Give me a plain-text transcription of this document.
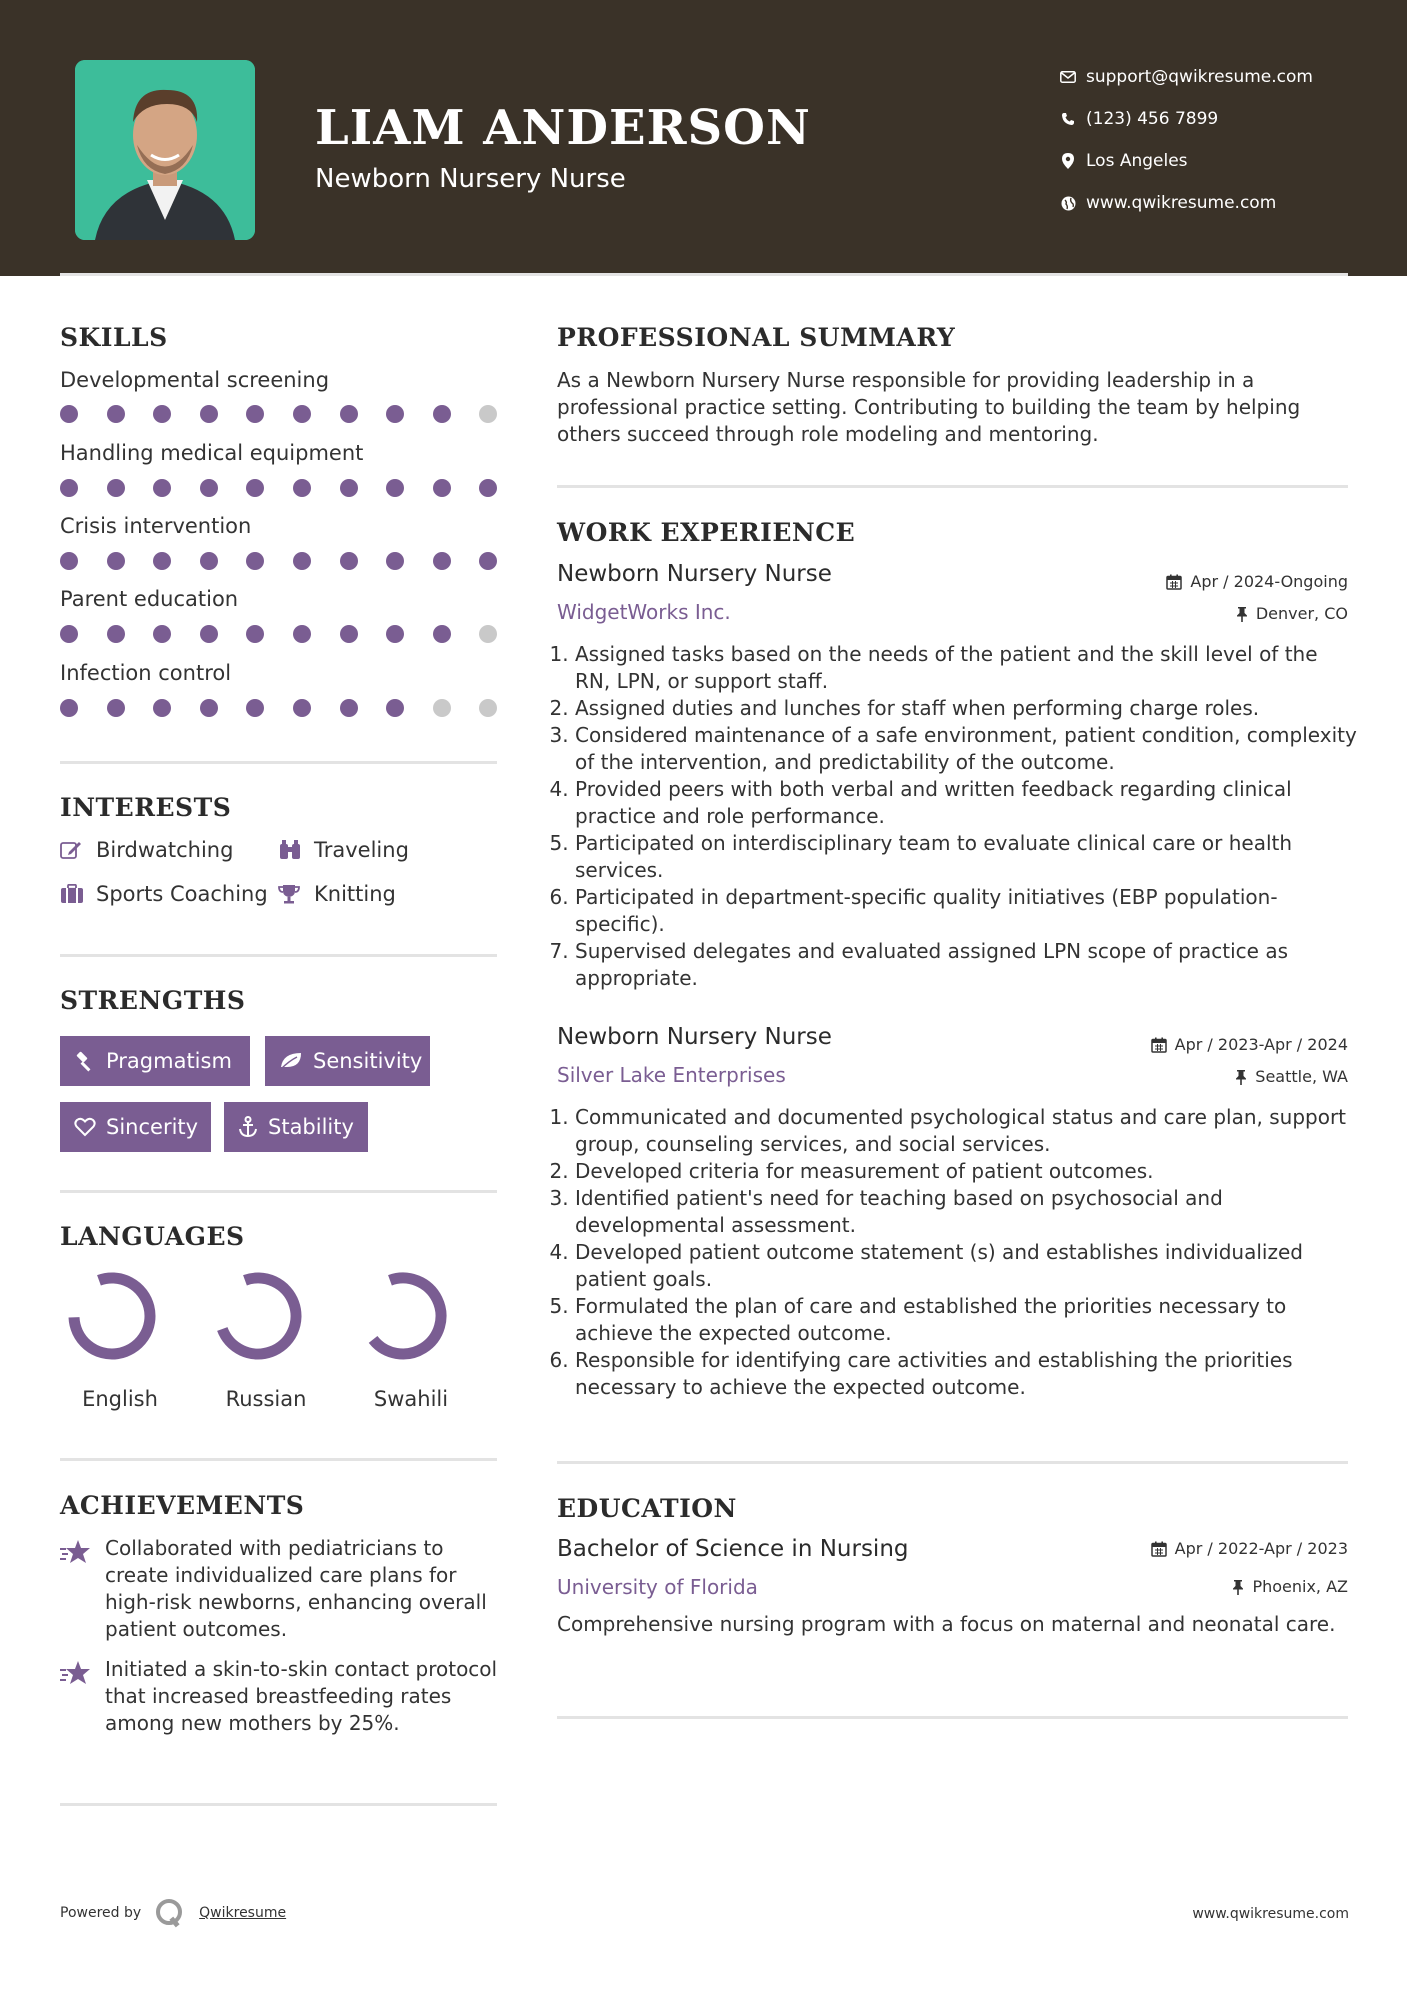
LIAM ANDERSON
Newborn Nursery Nurse
support@qwikresume.com
(123) 456 7899
Los Angeles
www.qwikresume.com
SKILLS
Developmental screening
Handling medical equipment
Crisis intervention
Parent education
Infection control
INTERESTS
Birdwatching	Traveling
Sports Coaching Knitting
STRENGTHS
Pragmatism	Sensitivity
Sincerity	Stability
LANGUAGES
English	Russian	Swahili
ACHIEVEMENTS
Collaborated with pediatricians to create individualized care plans for high-risk newborns, enhancing overall patient outcomes.
Initiated a skin-to-skin contact protocol that increased breastfeeding rates among new mothers by 25%.
PROFESSIONAL SUMMARY
As a Newborn Nursery Nurse responsible for providing leadership in a professional practice setting. Contributing to building the team by helping others succeed through role modeling and mentoring.
WORK EXPERIENCE
Newborn Nursery Nurse	Apr / 2024-Ongoing
WidgetWorks Inc.	Denver, CO
1. Assigned tasks based on the needs of the patient and the skill level of the RN, LPN, or support staff.
2. Assigned duties and lunches for staff when performing charge roles.
3. Considered maintenance of a safe environment, patient condition, complexity of the intervention, and predictability of the outcome.
4. Provided peers with both verbal and written feedback regarding clinical practice and role performance.
5. Participated on interdisciplinary team to evaluate clinical care or health services.
6. Participated in department-specific quality initiatives (EBP population-specific).
7. Supervised delegates and evaluated assigned LPN scope of practice as appropriate.
Newborn Nursery Nurse	Apr / 2023-Apr / 2024
Silver Lake Enterprises	Seattle, WA
1. Communicated and documented psychological status and care plan, support group, counseling services, and social services.
2. Developed criteria for measurement of patient outcomes.
3. Identified patient's need for teaching based on psychosocial and developmental assessment.
4. Developed patient outcome statement (s) and establishes individualized patient goals.
5. Formulated the plan of care and established the priorities necessary to achieve the expected outcome.
6. Responsible for identifying care activities and establishing the priorities necessary to achieve the expected outcome.
EDUCATION
Bachelor of Science in Nursing	Apr / 2022-Apr / 2023
University of Florida	Phoenix, AZ
Comprehensive nursing program with a focus on maternal and neonatal care.
Powered by	Qwikresume	www.qwikresume.com
